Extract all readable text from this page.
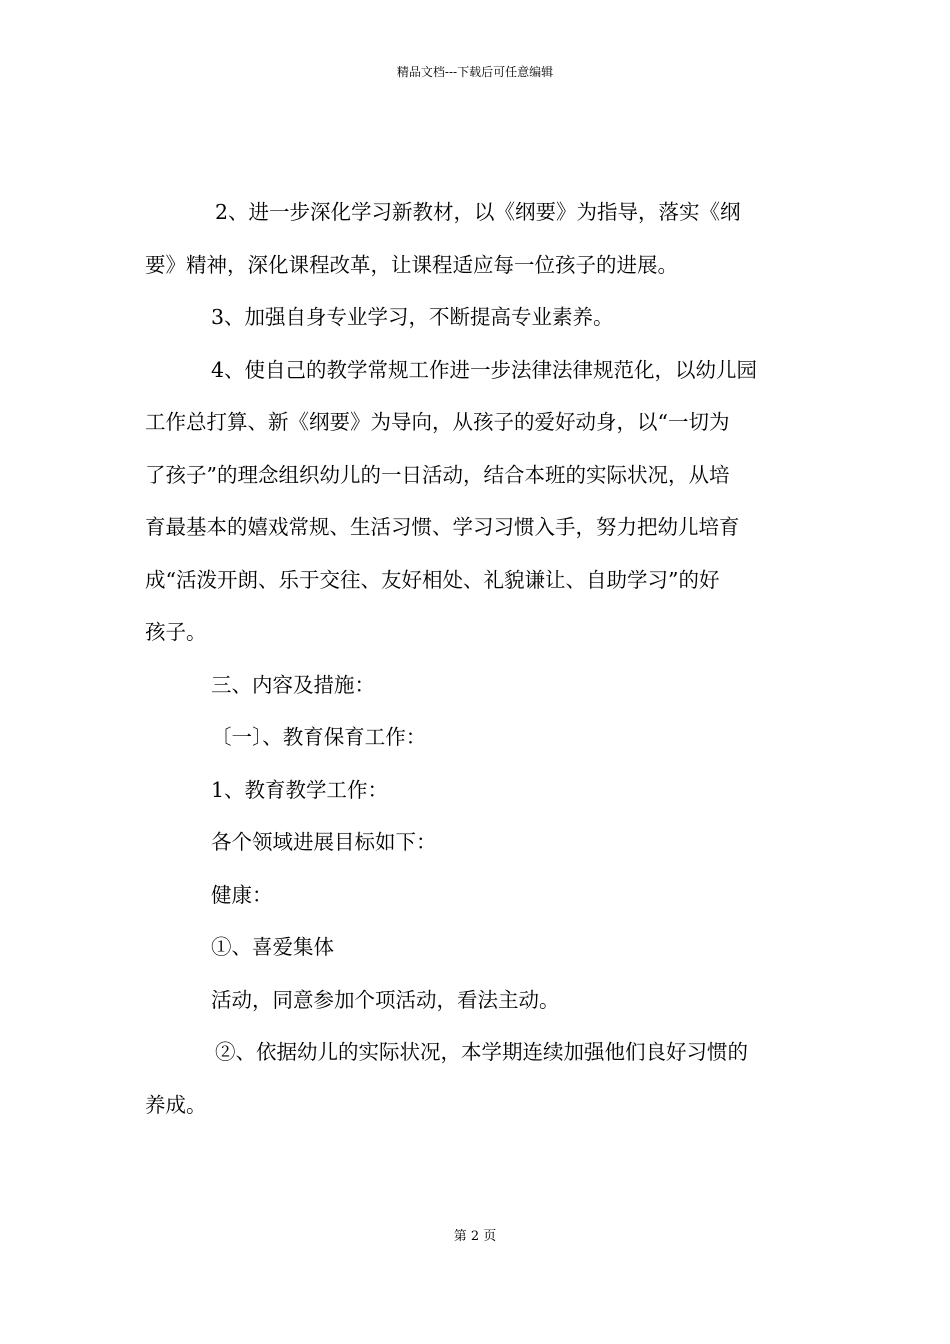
精品文档---下载后可任意编辑

2、进一步深化学习新教材，以《纲要》为指导，落实《纲

要》精神，深化课程改革，让课程适应每一位孩子的进展。

3、加强自身专业学习，不断提高专业素养。

4、使自己的教学常规工作进一步法律法律规范化，以幼儿园

工作总打算、新《纲要》为导向，从孩子的爱好动身，以“一切为

了孩子”的理念组织幼儿的一日活动，结合本班的实际状况，从培

育最基本的嬉戏常规、生活习惯、学习习惯入手，努力把幼儿培育

成“活泼开朗、乐于交往、友好相处、礼貌谦让、自助学习”的好

孩子。

三、内容及措施：

〔一〕、教育保育工作：

1、教育教学工作：

各个领域进展目标如下：

健康：

①、喜爱集体

活动，同意参加个项活动，看法主动。

②、依据幼儿的实际状况，本学期连续加强他们良好习惯的

养成。

第 2 页
